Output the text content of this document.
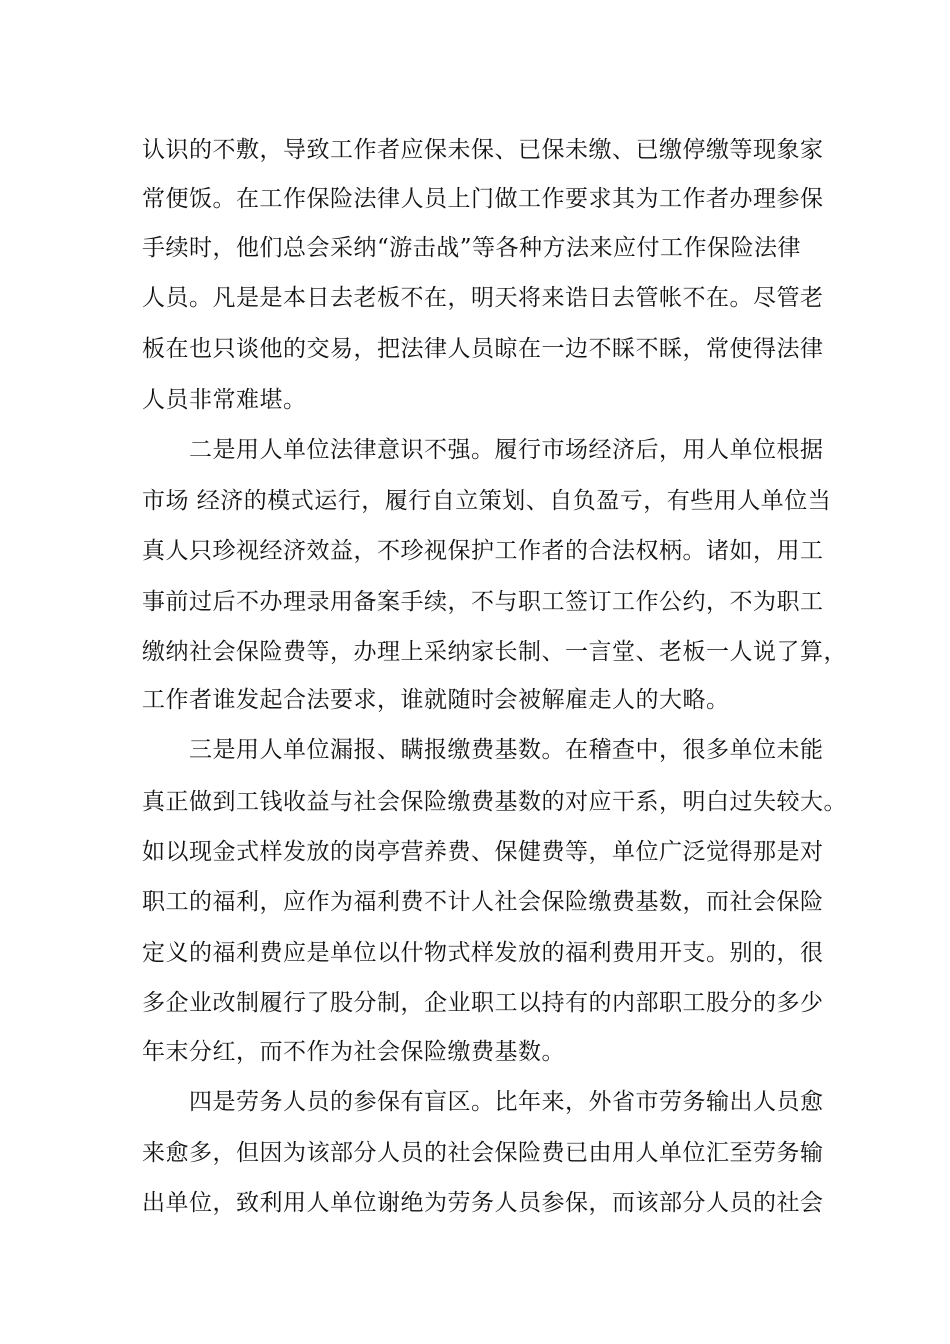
认识的不敷，导致工作者应保未保、已保未缴、已缴停缴等现象家
常便饭。在工作保险法律人员上门做工作要求其为工作者办理参保
手续时，他们总会采纳“游击战”等各种方法来应付工作保险法律
人员。凡是是本日去老板不在，明天将来诰日去管帐不在。尽管老
板在也只谈他的交易，把法律人员晾在一边不睬不睬，常使得法律
人员非常难堪。
二是用人单位法律意识不强。履行市场经济后，用人单位根据
市场 经济的模式运行，履行自立策划、自负盈亏，有些用人单位当
真人只珍视经济效益，不珍视保护工作者的合法权柄。诸如，用工
事前过后不办理录用备案手续，不与职工签订工作公约，不为职工
缴纳社会保险费等，办理上采纳家长制、一言堂、老板一人说了算，
工作者谁发起合法要求，谁就随时会被解雇走人的大略。
三是用人单位漏报、瞒报缴费基数。在稽查中，很多单位未能
真正做到工钱收益与社会保险缴费基数的对应干系，明白过失较大。
如以现金式样发放的岗亭营养费、保健费等，单位广泛觉得那是对
职工的福利，应作为福利费不计人社会保险缴费基数，而社会保险
定义的福利费应是单位以什物式样发放的福利费用开支。别的，很
多企业改制履行了股分制，企业职工以持有的内部职工股分的多少
年末分红，而不作为社会保险缴费基数。
四是劳务人员的参保有盲区。比年来，外省市劳务输出人员愈
来愈多，但因为该部分人员的社会保险费已由用人单位汇至劳务输
出单位，致利用人单位谢绝为劳务人员参保，而该部分人员的社会
